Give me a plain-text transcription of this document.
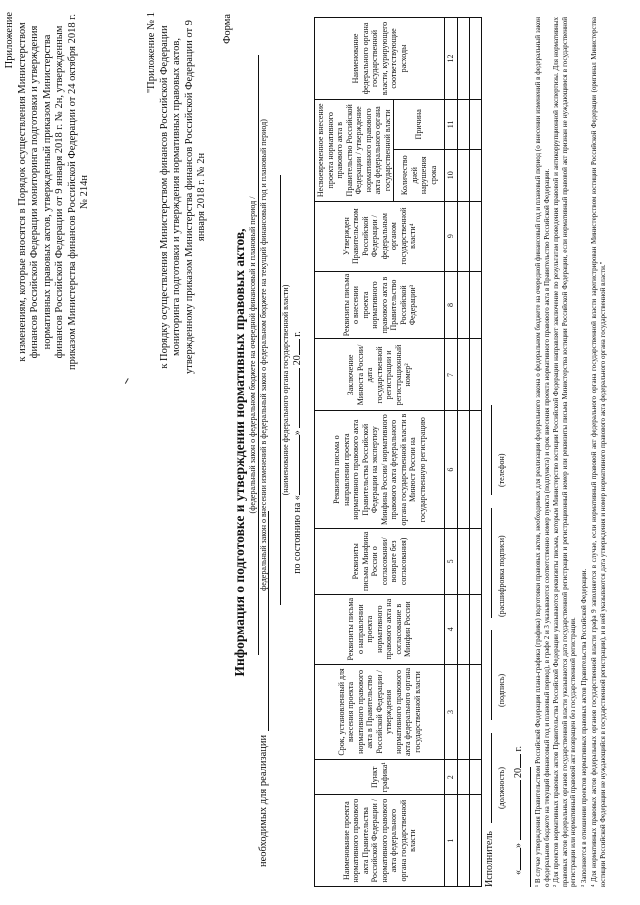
Приложение к изменениям, которые вносятся в Порядок осуществления Министерством финансов Российской Федерации мониторинга подготовки и утверждения нормативных правовых актов, утвержденный приказом Министерства финансов Российской Федерации от 9 января 2018 г. № 2н, утвержденным приказом Министерства финансов Российской Федерации от 24 октября 2018 г. № 214н
"Приложение № 1 к Порядку осуществления Министерством финансов Российской Федерации мониторинга подготовки и утверждения нормативных правовых актов, утвержденному приказом Министерства финансов Российской Федерации от 9 января 2018 г. № 2н
Форма
Информация о подготовке и утверждении нормативных правовых актов,
необходимых для реализации
(федеральный закон о федеральном бюджете на очередной финансовый и плановый период / федеральный закон о внесении изменений в федеральный закон о федеральном бюджете на текущий финансовый год и плановый период) (наименование федерального органа государственной власти)
по состоянию на «»  20 г.
Наименование проекта нормативного правового акта Правительства Российской Федерации / нормативного правового акта федерального органа государственной власти	Пункт графика¹	Срок, установленный для внесения проекта нормативного правового акта в Правительство Российской Федерации / утверждения нормативного правового акта федерального органа государственной власти	Реквизиты письма о направлении проекта нормативного правового акта на согласование в Минфин России	Реквизиты письма Минфина России о согласовании/ возврате без согласования)	Реквизиты письма о направлении проекта нормативного правового акта Правительства Российской Федерации на экспертизу Минфина России/ нормативного правового акта федерального органа государственной власти в Минюст России на государственную регистрацию	Заключение Минюста России/дата государственной регистрации и регистрационный номер²	Реквизиты письма о внесении проекта нормативного правового акта в Правительство Российской Федерации³	Утвержден Правительством Российской Федерации / федеральным органом государственной власти⁴	Несвоевременное внесение проекта нормативного правового акта в Правительство Российской Федерации / утверждение нормативного правового акта федерального органа государственной власти		Наименование федерального органа государственной власти, курирующего соответствующие расходы
									Количество дней нарушения срока	Причина	
1	2	3	4	5	6	7	8	9	10	11	12

Исполнитель
(должность)
(подпись)
(расшифровка подписи)
(телефон)
«»  20 г. ¹ В случае утверждения Правительством Российской Федерации плана-графика (графика) подготовки правовых актов, необходимых для реализации федерального закона о федеральном бюджете на очередной финансовый год и плановый период (о внесении изменений в федеральный закон о федеральном бюджете на текущий финансовый год и плановый период), в графе 2 и 3 указываются соответственно номер пункта (подпункта) и срок внесения проекта нормативного правового акта в Правительство Российской Федерации. ² Для проектов нормативных правовых актов Правительства Российской Федерации указываются реквизиты письма, которым Министерство юстиции Российской Федерации направляет заключение по результатам проведения правовой и антикоррупционной экспертизы. Для нормативных правовых актов федеральных органов государственной власти указываются дата государственной регистрации и регистрационный номер или реквизиты письма Министерства юстиции Российской Федерации, если нормативный правовой акт признан не нуждающимся в государственной регистрации или нормативный правовой акт возвращен без государственной регистрации. ³ Заполняется в отношении проектов нормативных правовых актов Правительства Российской Федерации. ⁴ Для нормативных правовых актов федеральных органов государственной власти графа 9 заполняется в случае, если нормативный правовой акт федерального органа государственной власти зарегистрирован Министерством юстиции Российской Федерации (оригинал Министерства юстиции Российской Федерации не нуждающийся в государственной регистрации), и в ней указываются дата утверждения и номер нормативного правового акта федерального органа государственной власти."
